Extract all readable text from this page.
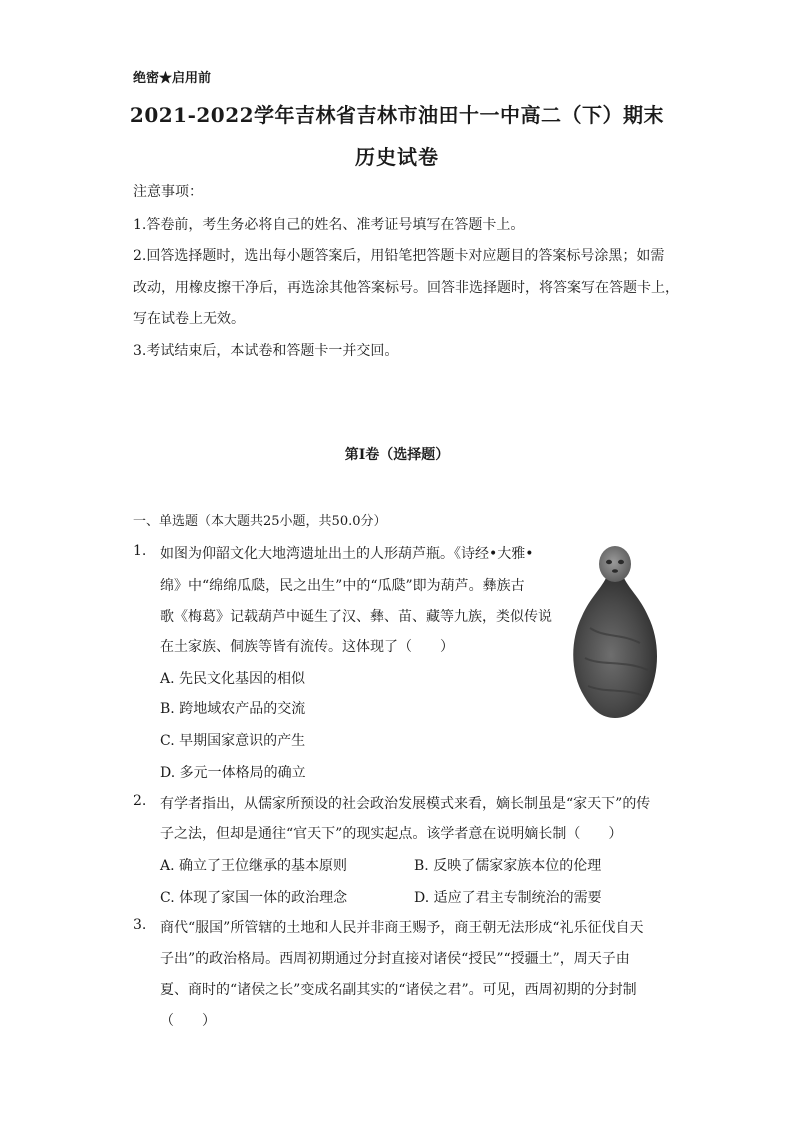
绝密★启用前
2021-2022学年吉林省吉林市油田十一中高二（下）期末
历史试卷
注意事项：
1.答卷前，考生务必将自己的姓名、准考证号填写在答题卡上。
2.回答选择题时，选出每小题答案后，用铅笔把答题卡对应题目的答案标号涂黑；如需
改动，用橡皮擦干净后，再选涂其他答案标号。回答非选择题时，将答案写在答题卡上，
写在试卷上无效。
3.考试结束后，本试卷和答题卡一并交回。
第Ⅰ卷（选择题）
一、单选题（本大题共25小题，共50.0分）
1. 如图为仰韶文化大地湾遗址出土的人形葫芦瓶。《诗经•大雅•
绵》中“绵绵瓜瓞，民之出生”中的“瓜瓞”即为葫芦。彝族古
歌《梅葛》记载葫芦中诞生了汉、彝、苗、藏等九族，类似传说
在土家族、侗族等皆有流传。这体现了（　　）
A. 先民文化基因的相似
B. 跨地域农产品的交流
C. 早期国家意识的产生
D. 多元一体格局的确立
2. 有学者指出，从儒家所预设的社会政治发展模式来看，嫡长制虽是“家天下”的传
子之法，但却是通往“官天下”的现实起点。该学者意在说明嫡长制（　　）
A. 确立了王位继承的基本原则	B. 反映了儒家家族本位的伦理
C. 体现了家国一体的政治理念	D. 适应了君主专制统治的需要
3. 商代“服国”所管辖的土地和人民并非商王赐予，商王朝无法形成“礼乐征伐自天
子出”的政治格局。西周初期通过分封直接对诸侯“授民”“授疆土”，周天子由
夏、商时的“诸侯之长”变成名副其实的“诸侯之君”。可见，西周初期的分封制
（　　）
